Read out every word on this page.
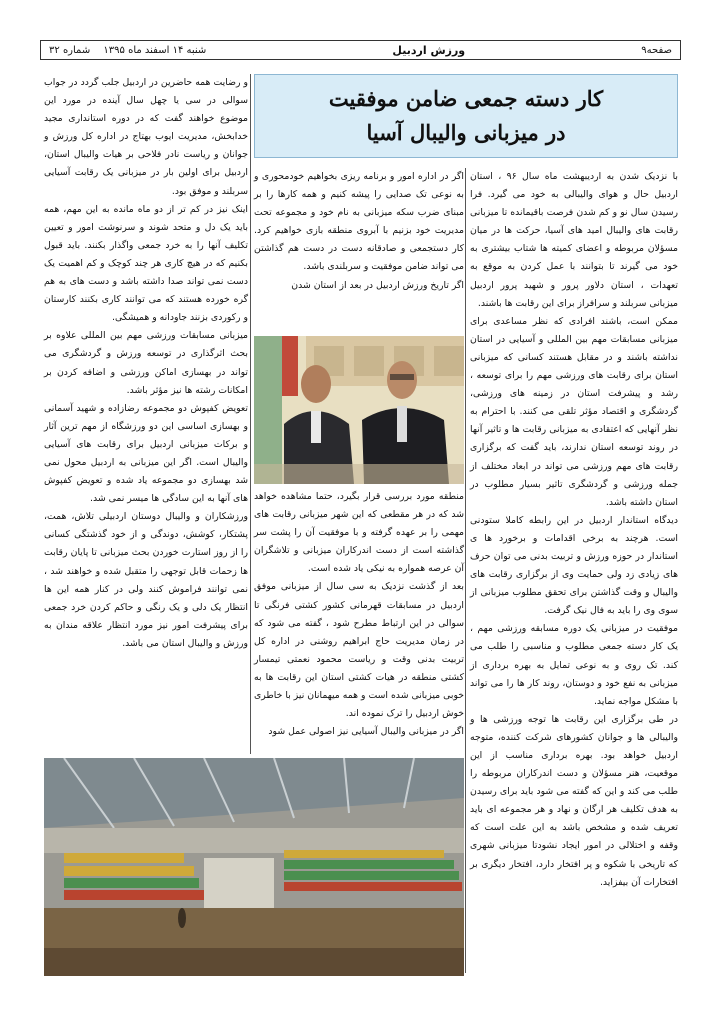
صفحه۹
ورزش اردبیل
شنبه ۱۴ اسفند ماه ۱۳۹۵ شماره ۳۲
کار دسته جمعی ضامن موفقیت
در میزبانی والیبال آسیا

با نزدیک شدن به اردیبهشت ماه سال ۹۶ ، استان اردبیل حال و هوای والیبالی به خود می گیرد. فرا رسیدن سال نو و کم شدن فرصت باقیمانده تا میزبانی رقابت های والیبال امید های آسیا، حرکت ها در میان مسؤلان مربوطه و اعضای کمیته ها شتاب بیشتری به خود می گیرند تا بتوانند با عمل کردن به موقع به تعهدات ، استان دلاور پرور و شهید پرور اردبیل میزبانی سربلند و سرافراز برای این رقابت ها باشند.

ممکن است، باشند افرادی که نظر مساعدی برای میزبانی مسابقات مهم بین المللی و آسیایی در استان نداشته باشند و در مقابل هستند کسانی که میزبانی استان برای رقابت های ورزشی مهم را برای توسعه ، رشد و پیشرفت استان در زمینه های ورزشی، گردشگری و اقتصاد مؤثر تلقی می کنند. با احترام به نظر آنهایی که اعتقادی به میزبانی رقابت ها و تاثیر آنها در روند توسعه استان ندارند، باید گفت که برگزاری رقابت های مهم ورزشی می تواند در ابعاد مختلف از جمله ورزشی و گردشگری تاثیر بسیار مطلوب در استان داشته باشد.

دیدگاه استاندار اردبیل در این رابطه کاملا ستودنی است. هرچند به برخی اقدامات و برخورد ها ی استاندار در حوزه ورزش و تربیت بدنی می توان حرف های زیادی زد ولی حمایت وی از برگزاری رقابت های والیبال و وقت گذاشتن برای تحقق مطلوب میزبانی از سوی وی را باید به فال نیک گرفت.

موفقیت در میزبانی یک دوره مسابقه ورزشی مهم ، یک کار دسته جمعی مطلوب و مناسبی را طلب می کند. تک روی و به نوعی تمایل به بهره برداری از میزبانی به نفع خود و دوستان، روند کار ها را می تواند با مشکل مواجه نماید.

در طی برگزاری این رقابت ها توجه ورزشی ها و والیبالی ها و جوانان کشورهای شرکت کننده، متوجه اردبیل خواهد بود. بهره برداری مناسب از این موقعیت، هنر مسؤلان و دست اندرکاران مربوطه را طلب می کند و این که گفته می شود باید برای رسیدن به هدف تکلیف هر ارگان و نهاد و هر مجموعه ای باید تعریف شده و مشخص باشد به این علت است که وقفه و اختلالی در امور ایجاد نشودتا میزبانی شهری که تاریخی با شکوه و پر افتخار دارد، افتخار دیگری بر افتخارات آن بیفزاید.

اگر در اداره امور و برنامه ریزی بخواهیم خودمحوری و به نوعی تک صدایی را پیشه کنیم و همه کارها را بر مبنای ضرب سکه میزبانی به نام خود و مجموعه تحت مدیریت خود بزنیم با آبروی منطقه بازی خواهیم کرد. کار دستجمعی و صادقانه دست در دست هم گذاشتن می تواند ضامن موفقیت و سربلندی باشد.

اگر تاریخ ورزش اردبیل در بعد از استان شدن

منطقه مورد بررسی قرار بگیرد، حتما مشاهده خواهد شد که در هر مقطعی که این شهر میزبانی رقابت های مهمی را بر عهده گرفته و با موفقیت آن را پشت سر گذاشته است از دست اندرکاران میزبانی و تلاشگران آن عرصه همواره به نیکی یاد شده است.

بعد از گذشت نزدیک به سی سال از میزبانی موفق اردبیل در مسابقات قهرمانی کشور کشتی فرنگی تا سوالی در این ارتباط مطرح شود ، گفته می شود که در زمان مدیریت حاج ابراهیم روشنی در اداره کل تربیت بدنی وقت و ریاست محمود نعمتی تیمسار کشتی منطقه در هیات کشتی استان این رقابت ها به خوبی میزبانی شده است و همه میهمانان نیز با خاطری خوش اردبیل را ترک نموده اند.

اگر در میزبانی والیبال آسیایی نیز اصولی عمل شود

و رضایت همه حاضرین در اردبیل جلب گردد در جواب سوالی در سی یا چهل سال آینده در مورد این موضوع خواهند گفت که در دوره استانداری مجید خدابخش، مدیریت ایوب بهتاج در اداره کل ورزش و جوانان و ریاست نادر فلاحی بر هیات والیبال استان، اردبیل برای اولین بار در میزبانی یک رقابت آسیایی سربلند و موفق بود.

اینک نیز در کم تر از دو ماه مانده به این مهم، همه باید یک دل و متحد شوند و سرنوشت امور و تعیین تکلیف آنها را به خرد جمعی واگذار بکنند. باید قبول بکنیم که در هیچ کاری هر چند کوچک و کم اهمیت یک دست نمی تواند صدا داشته باشد و دست های به هم گره خورده هستند که می توانند کاری بکنند کارستان و رکوردی بزنند جاودانه و همیشگی.

میزبانی مسابقات ورزشی مهم بین المللی علاوه بر بحث اثرگذاری در توسعه ورزش و گردشگری می تواند در بهسازی اماکن ورزشی و اضافه کردن بر امکانات رشته ها نیز مؤثر باشد.

تعویض کفپوش دو مجموعه رضازاده و شهید آسمانی و بهسازی اساسی این دو ورزشگاه از مهم ترین آثار و برکات میزبانی اردبیل برای رقابت های آسیایی والیبال است. اگر این میزبانی به اردبیل محول نمی شد بهسازی دو مجموعه یاد شده و تعویض کفپوش های آنها به این سادگی ها میسر نمی شد.

ورزشکاران و والیبال دوستان اردبیلی تلاش، همت، پشتکار، کوشش، دوندگی و از خود گذشتگی کسانی را از روز استارت خوردن بحث میزبانی تا پایان رقابت ها زحمات قابل توجهی را متقبل شده و خواهند شد ، نمی توانند فراموش کنند ولی در کنار همه این ها انتظار یک دلی و یک رنگی و حاکم کردن خرد جمعی برای پیشرفت امور نیز مورد انتظار علاقه مندان به ورزش و والیبال استان می باشد.
